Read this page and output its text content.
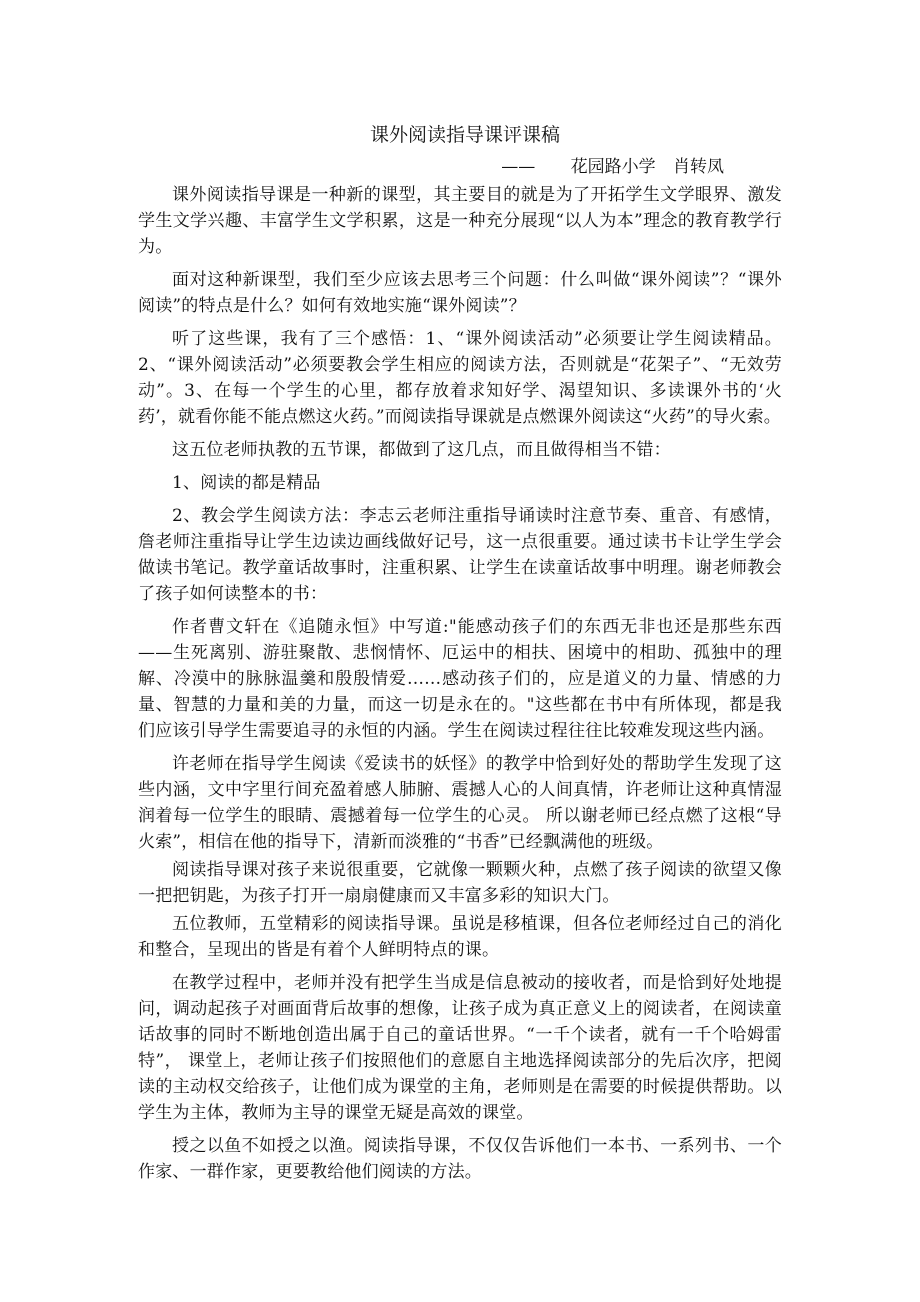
课外阅读指导课评课稿
—— 花园路小学 肖转凤

课外阅读指导课是一种新的课型，其主要目的就是为了开拓学生文学眼界、激发学生文学兴趣、丰富学生文学积累，这是一种充分展现“以人为本”理念的教育教学行为。

面对这种新课型，我们至少应该去思考三个问题：什么叫做“课外阅读”？“课外阅读”的特点是什么？如何有效地实施“课外阅读”？

听了这些课，我有了三个感悟：1、“课外阅读活动”必须要让学生阅读精品。 2、“课外阅读活动”必须要教会学生相应的阅读方法，否则就是“花架子”、“无效劳动”。3、在每一个学生的心里，都存放着求知好学、渴望知识、多读课外书的‘火药’，就看你能不能点燃这火药。”而阅读指导课就是点燃课外阅读这“火药”的导火索。

这五位老师执教的五节课，都做到了这几点，而且做得相当不错：

1、阅读的都是精品

2、教会学生阅读方法：李志云老师注重指导诵读时注意节奏、重音、有感情，詹老师注重指导让学生边读边画线做好记号，这一点很重要。通过读书卡让学生学会做读书笔记。教学童话故事时，注重积累、让学生在读童话故事中明理。谢老师教会了孩子如何读整本的书：

作者曹文轩在《追随永恒》中写道:"能感动孩子们的东西无非也还是那些东西——生死离别、游驻聚散、悲悯情怀、厄运中的相扶、困境中的相助、孤独中的理解、冷漠中的脉脉温羹和殷殷情爱……感动孩子们的，应是道义的力量、情感的力量、智慧的力量和美的力量，而这一切是永在的。"这些都在书中有所体现，都是我们应该引导学生需要追寻的永恒的内涵。学生在阅读过程往往比较难发现这些内涵。

许老师在指导学生阅读《爱读书的妖怪》的教学中恰到好处的帮助学生发现了这些内涵，文中字里行间充盈着感人肺腑、震撼人心的人间真情，许老师让这种真情湿润着每一位学生的眼睛、震撼着每一位学生的心灵。 所以谢老师已经点燃了这根“导火索”，相信在他的指导下，清新而淡雅的“书香”已经飘满他的班级。

阅读指导课对孩子来说很重要，它就像一颗颗火种，点燃了孩子阅读的欲望又像一把把钥匙，为孩子打开一扇扇健康而又丰富多彩的知识大门。

五位教师，五堂精彩的阅读指导课。虽说是移植课，但各位老师经过自己的消化和整合，呈现出的皆是有着个人鲜明特点的课。

在教学过程中，老师并没有把学生当成是信息被动的接收者，而是恰到好处地提问，调动起孩子对画面背后故事的想像，让孩子成为真正意义上的阅读者，在阅读童话故事的同时不断地创造出属于自己的童话世界。“一千个读者，就有一千个哈姆雷特”， 课堂上，老师让孩子们按照他们的意愿自主地选择阅读部分的先后次序，把阅读的主动权交给孩子，让他们成为课堂的主角，老师则是在需要的时候提供帮助。以学生为主体，教师为主导的课堂无疑是高效的课堂。

授之以鱼不如授之以渔。阅读指导课，不仅仅告诉他们一本书、一系列书、一个作家、一群作家，更要教给他们阅读的方法。
